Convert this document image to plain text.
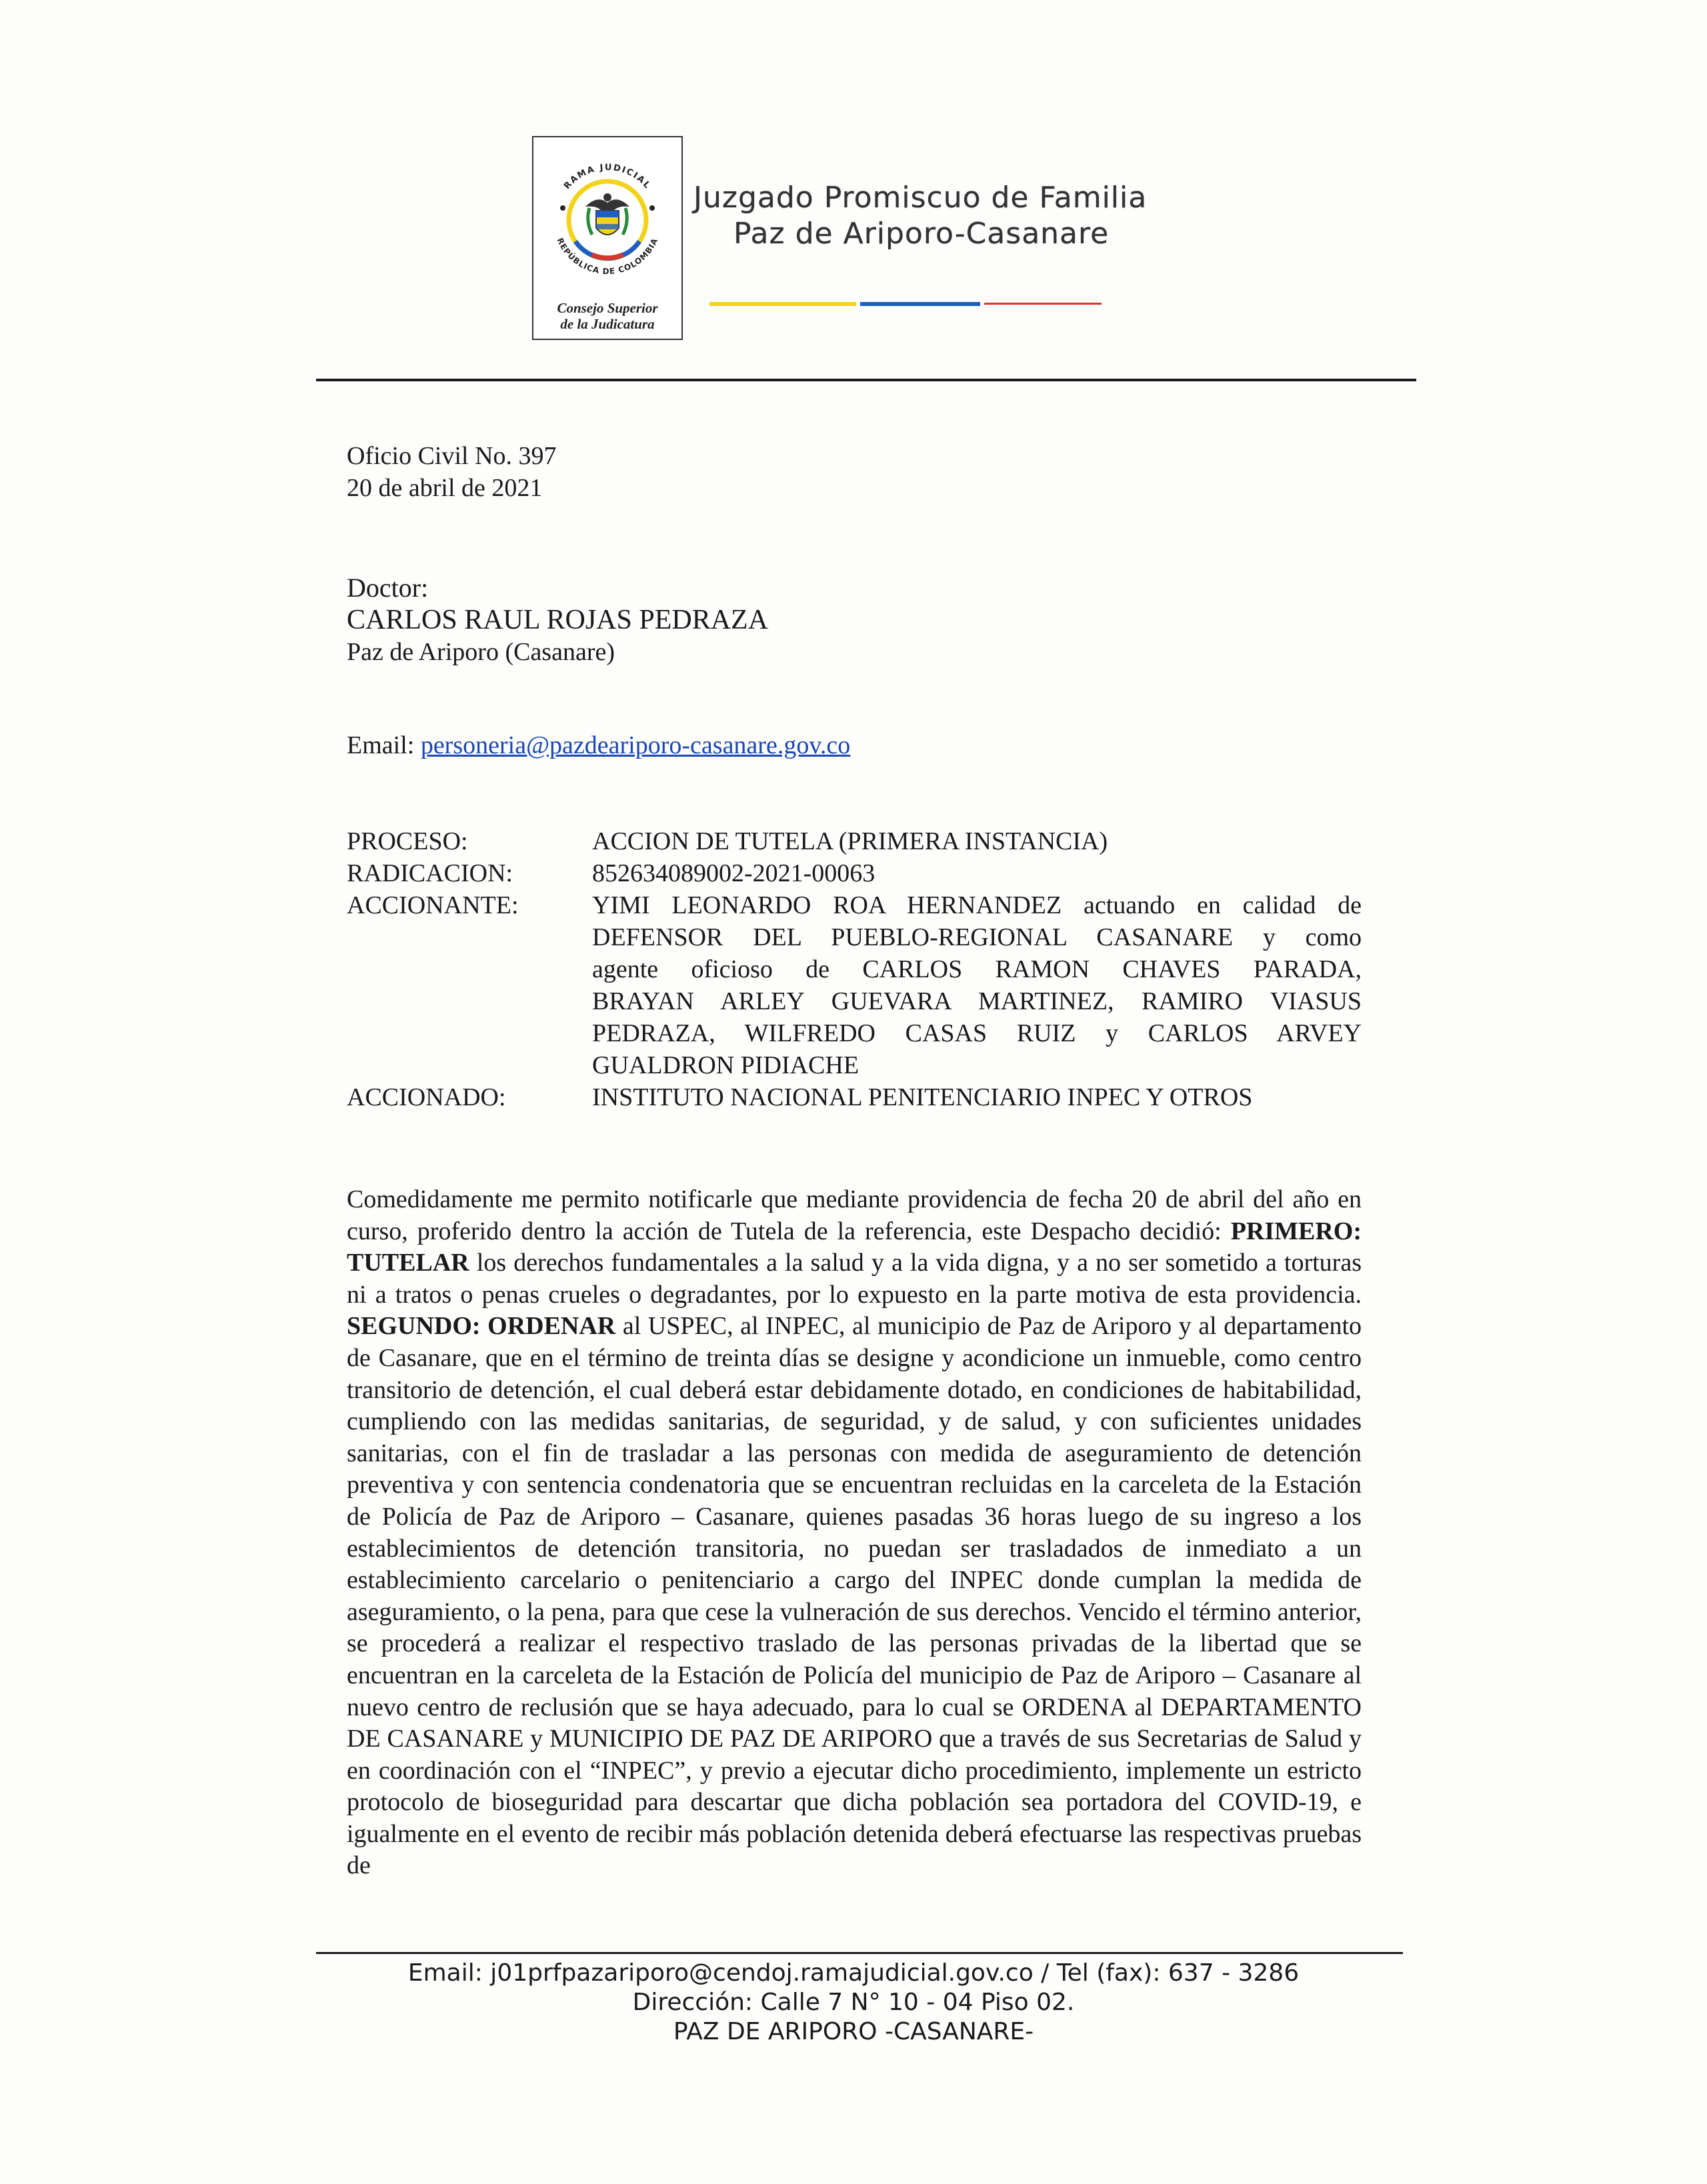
RAMA JUDICIAL
REPÚBLICA DE COLOMBIA
Consejo Superior
de la Judicatura
Juzgado Promiscuo de Familia
Paz de Ariporo-Casanare
Oficio Civil No. 397
20 de abril de 2021
Doctor:
CARLOS RAUL ROJAS PEDRAZA
Paz de Ariporo (Casanare)
Email: personeria@pazdeariporo-casanare.gov.co
PROCESO:	ACCION DE TUTELA (PRIMERA INSTANCIA)
RADICACION:	852634089002-2021-00063
ACCIONANTE:	YIMI LEONARDO ROA HERNANDEZ actuando en calidad de
DEFENSOR DEL PUEBLO-REGIONAL CASANARE y como
agente oficioso de CARLOS RAMON CHAVES PARADA,
BRAYAN ARLEY GUEVARA MARTINEZ, RAMIRO VIASUS
PEDRAZA, WILFREDO CASAS RUIZ y CARLOS ARVEY
GUALDRON PIDIACHE
ACCIONADO:	INSTITUTO NACIONAL PENITENCIARIO INPEC Y OTROS
Comedidamente me permito notificarle que mediante providencia de fecha 20 de abril del año en curso, proferido dentro la acción de Tutela de la referencia, este Despacho decidió: PRIMERO: TUTELAR los derechos fundamentales a la salud y a la vida digna, y a no ser sometido a torturas ni a tratos o penas crueles o degradantes, por lo expuesto en la parte motiva de esta providencia. SEGUNDO: ORDENAR al USPEC, al INPEC, al municipio de Paz de Ariporo y al departamento de Casanare, que en el término de treinta días se designe y acondicione un inmueble, como centro transitorio de detención, el cual deberá estar debidamente dotado, en condiciones de habitabilidad, cumpliendo con las medidas sanitarias, de seguridad, y de salud, y con suficientes unidades sanitarias, con el fin de trasladar a las personas con medida de aseguramiento de detención preventiva y con sentencia condenatoria que se encuentran recluidas en la carceleta de la Estación de Policía de Paz de Ariporo – Casanare, quienes pasadas 36 horas luego de su ingreso a los establecimientos de detención transitoria, no puedan ser trasladados de inmediato a un establecimiento carcelario o penitenciario a cargo del INPEC donde cumplan la medida de aseguramiento, o la pena, para que cese la vulneración de sus derechos. Vencido el término anterior, se procederá a realizar el respectivo traslado de las personas privadas de la libertad que se encuentran en la carceleta de la Estación de Policía del municipio de Paz de Ariporo – Casanare al nuevo centro de reclusión que se haya adecuado, para lo cual se ORDENA al DEPARTAMENTO DE CASANARE y MUNICIPIO DE PAZ DE ARIPORO que a través de sus Secretarias de Salud y en coordinación con el “INPEC”, y previo a ejecutar dicho procedimiento, implemente un estricto protocolo de bioseguridad para descartar que dicha población sea portadora del COVID-19, e igualmente en el evento de recibir más población detenida deberá efectuarse las respectivas pruebas de
Email: j01prfpazariporo@cendoj.ramajudicial.gov.co / Tel (fax): 637 - 3286
Dirección: Calle 7 N° 10 - 04 Piso 02.
PAZ DE ARIPORO -CASANARE-
